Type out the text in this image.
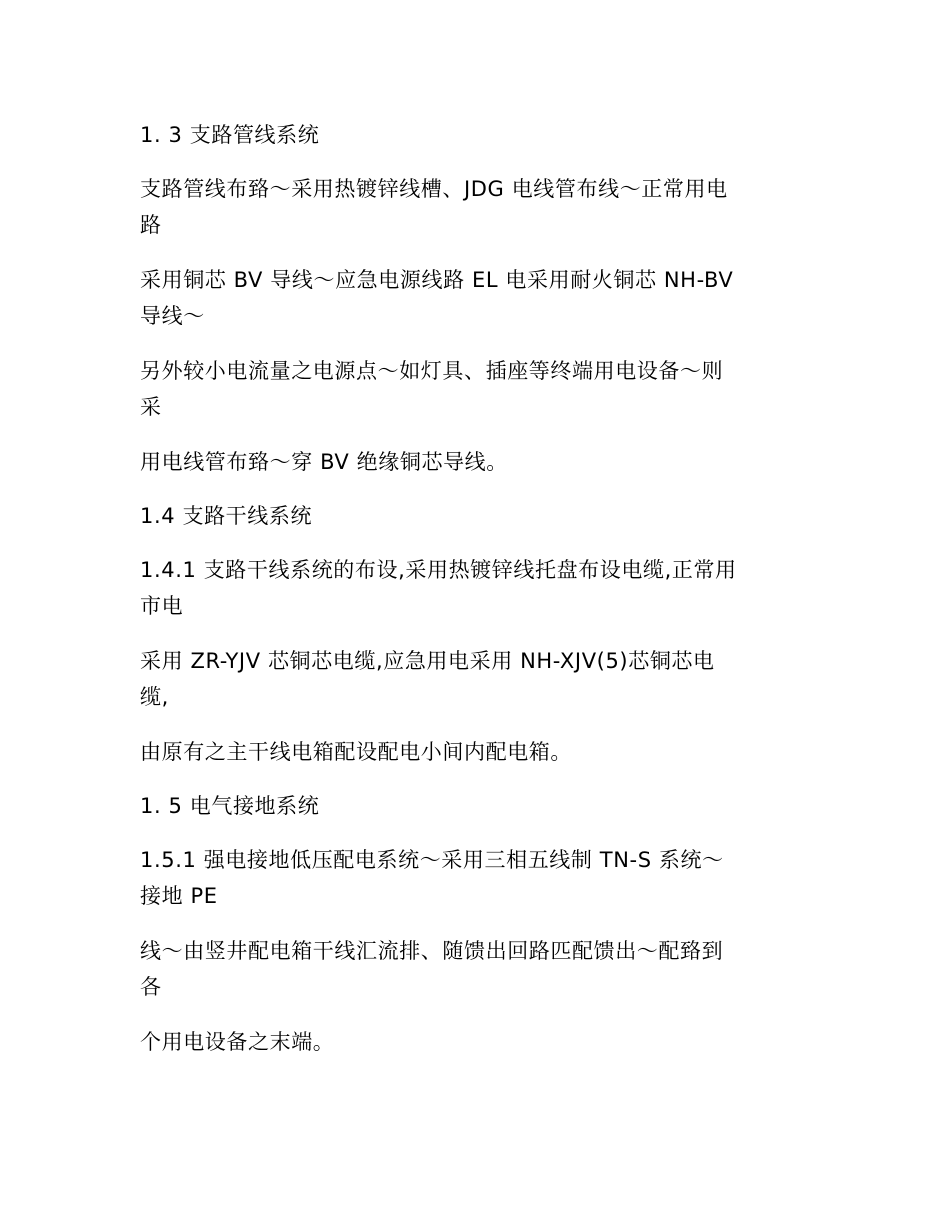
1. 3 支路管线系统

支路管线布臵～采用热镀锌线槽、JDG 电线管布线～正常用电
路

采用铜芯 BV 导线～应急电源线路 EL 电采用耐火铜芯 NH-BV
导线～

另外较小电流量之电源点～如灯具、插座等终端用电设备～则
采

用电线管布臵～穿 BV 绝缘铜芯导线。

1.4 支路干线系统

1.4.1 支路干线系统的布设,采用热镀锌线托盘布设电缆,正常用
市电

采用 ZR-YJV 芯铜芯电缆,应急用电采用 NH-XJV(5)芯铜芯电
缆,

由原有之主干线电箱配设配电小间内配电箱。

1. 5 电气接地系统

1.5.1 强电接地低压配电系统～采用三相五线制 TN-S 系统～
接地 PE

线～由竖井配电箱干线汇流排、随馈出回路匹配馈出～配臵到
各

个用电设备之末端。
